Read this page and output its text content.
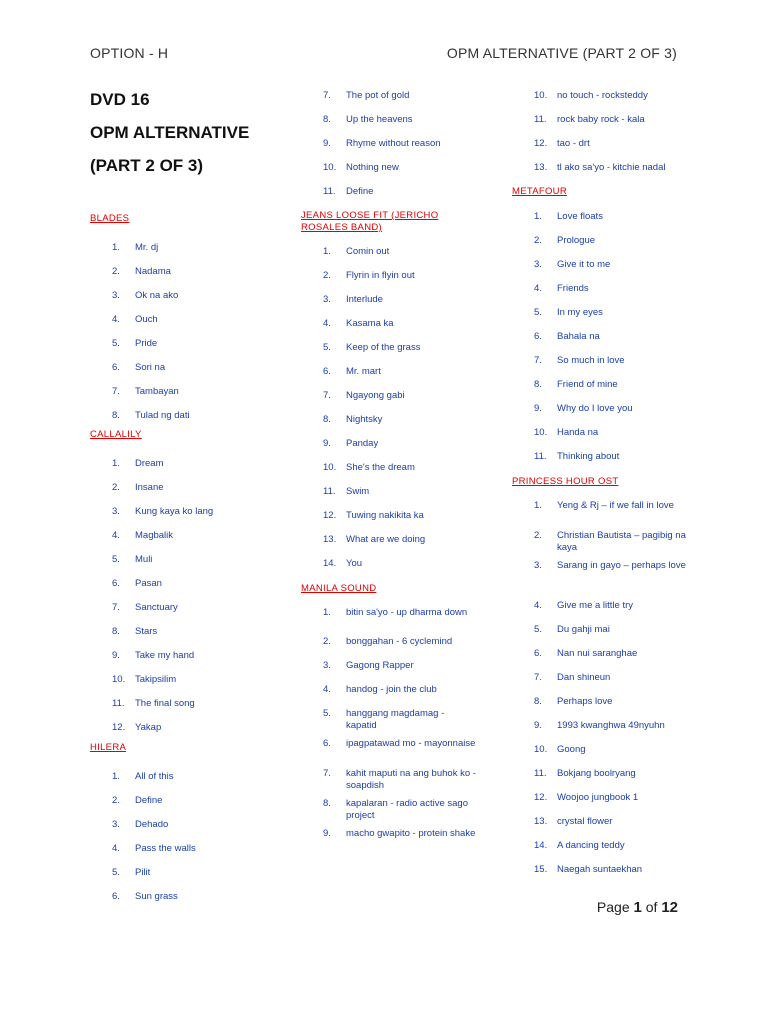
OPTION - H	OPM ALTERNATIVE (PART 2 OF 3)
DVD 16
OPM ALTERNATIVE
(PART 2 OF 3)
BLADES
1.	Mr. dj
2.	Nadama
3.	Ok na ako
4.	Ouch
5.	Pride
6.	Sori na
7.	Tambayan
8.	Tulad ng dati
CALLALILY
1.	Dream
2.	Insane
3.	Kung kaya ko lang
4.	Magbalik
5.	Muli
6.	Pasan
7.	Sanctuary
8.	Stars
9.	Take my hand
10.	Takipsilim
11.	The final song
12.	Yakap
HILERA
1.	All of this
2.	Define
3.	Dehado
4.	Pass the walls
5.	Pilit
6.	Sun grass
7.	The pot of gold
8.	Up the heavens
9.	Rhyme without reason
10.	Nothing new
11.	Define
JEANS LOOSE FIT (JERICHO ROSALES BAND)
1.	Comin out
2.	Flyrin in flyin out
3.	Interlude
4.	Kasama ka
5.	Keep of the grass
6.	Mr. mart
7.	Ngayong gabi
8.	Nightsky
9.	Panday
10.	She's the dream
11.	Swim
12.	Tuwing nakikita ka
13.	What are we doing
14.	You
MANILA SOUND
1.	bitin sa'yo - up dharma down
2.	bonggahan - 6 cyclemind
3.	Gagong Rapper
4.	handog - join the club
5.	hanggang magdamag - kapatid
6.	ipagpatawad mo - mayonnaise
7.	kahit maputi na ang buhok ko - soapdish
8.	kapalaran - radio active sago project
9.	macho gwapito - protein shake
10.	no touch - rocksteddy
11.	rock baby rock - kala
12.	tao - drt
13.	tl ako sa'yo - kitchie nadal
METAFOUR
1.	Love floats
2.	Prologue
3.	Give it to me
4.	Friends
5.	In my eyes
6.	Bahala na
7.	So much in love
8.	Friend of mine
9.	Why do I love you
10.	Handa na
11.	Thinking about
PRINCESS HOUR OST
1.	Yeng & Rj – if we fall in love
2.	Christian Bautista – pagibig na kaya
3.	Sarang in gayo – perhaps love
4.	Give me a little try
5.	Du gahji mai
6.	Nan nui saranghae
7.	Dan shineun
8.	Perhaps love
9.	1993 kwanghwa 49nyuhn
10.	Goong
11.	Bokjang boolryang
12.	Woojoo jungbook 1
13.	crystal flower
14.	A dancing teddy
15.	Naegah suntaekhan
Page 1 of 12
